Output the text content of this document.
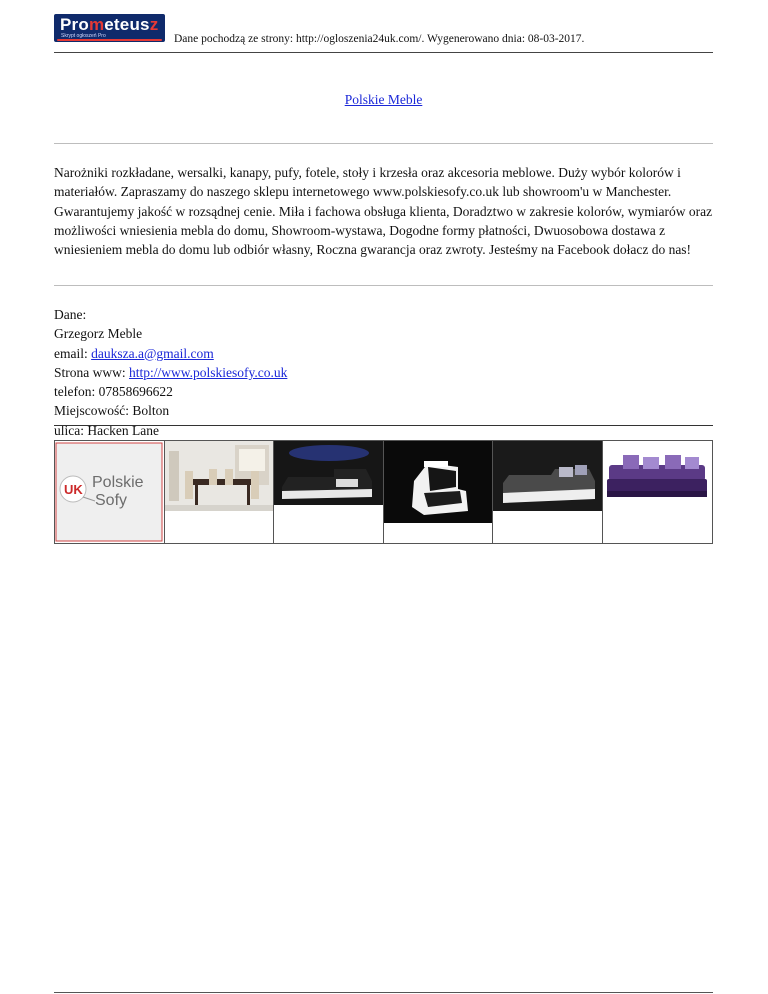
Prometeusz
Skrypt ogłoszeń Pro	Dane pochodzą ze strony: http://ogloszenia24uk.com/. Wygenerowano dnia: 08-03-2017.
Polskie Meble
Narożniki rozkładane, wersalki, kanapy, pufy, fotele, stoły i krzesła oraz akcesoria meblowe. Duży wybór kolorów i materiałów. Zapraszamy do naszego sklepu internetowego www.polskiesofy.co.uk lub showroom'u w Manchester. Gwarantujemy jakość w rozsądnej cenie. Miła i fachowa obsługa klienta, Doradztwo w zakresie kolorów, wymiarów oraz możliwości wniesienia mebla do domu, Showroom-wystawa, Dogodne formy płatności, Dwuosobowa dostawa z wniesieniem mebla do domu lub odbiór własny, Roczna gwarancja oraz zwroty. Jesteśmy na Facebook dołacz do nas!
Dane:
Grzegorz Meble
email: dauksza.a@gmail.com
Strona www: http://www.polskiesofy.co.uk
telefon: 07858696622
Miejscowość: Bolton
ulica: Hacken Lane
UK Polskie
Sofy
